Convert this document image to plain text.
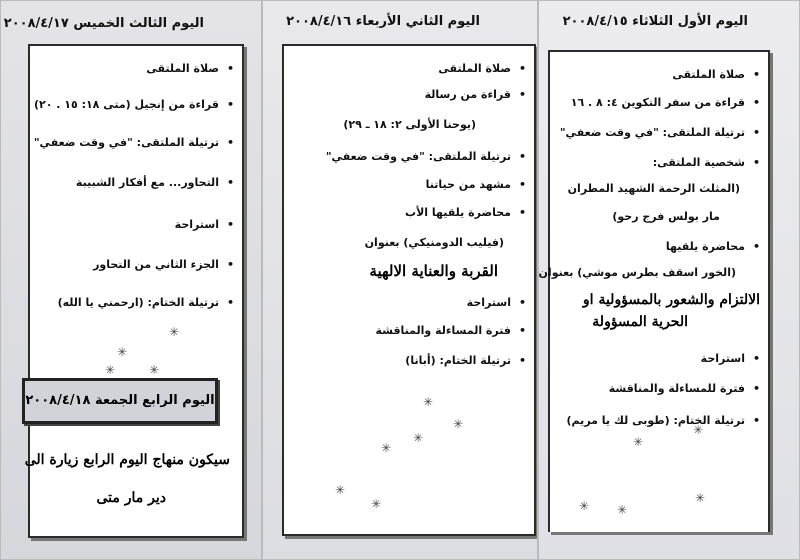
اليوم الثالث الخميس ٢٠٠٨/٤/١٧
• صلاة الملتقى
• قراءة من إنجيل (متى ١٨: ١٥ . ٢٠)
• ترتيلة الملتقى: "في وقت ضعفي"
• التحاور... مع أفكار الشبيبة
• استراحة
• الجزء الثاني من التحاور
• ترتيلة الختام: (ارحمني يا الله)
✳
✳
✳
✳
اليوم الرابع الجمعة ٢٠٠٨/٤/١٨
سيكون منهاج اليوم الرابع زيارة الى
دير مار متى
اليوم الثاني الأربعاء ٢٠٠٨/٤/١٦
• صلاة الملتقى
• قراءة من رسالة
(يوحنا الأولى ٢: ١٨ ـ ٢٩)
• ترتيلة الملتقى: "في وقت ضعفي"
• مشهد من حياتنا
• محاضرة يلقيها الأب
(فيليب الدومنيكي) بعنوان
القربة والعناية الالهية
• استراحة
• فترة المساءلة والمناقشة
• ترتيلة الختام: (أبانا)
✳
✳
✳
✳
✳
✳
اليوم الأول الثلاثاء ٢٠٠٨/٤/١٥
• صلاة الملتقى
• قراءة من سفر التكوين ٤: ٨ . ١٦
• ترتيلة الملتقى: "في وقت ضعفي"
• شخصية الملتقى:
(المثلث الرحمة الشهيد المطران
مار بولس فرج رحو)
• محاضرة يلقيها
(الخور اسقف بطرس موشي) بعنوان
الالتزام والشعور بالمسؤولية او
الحرية المسؤولة
• استراحة
• فترة للمساءلة والمناقشة
• ترتيلة الختام: (طوبى لك يا مريم)
✳
✳
✳ ✳
✳
